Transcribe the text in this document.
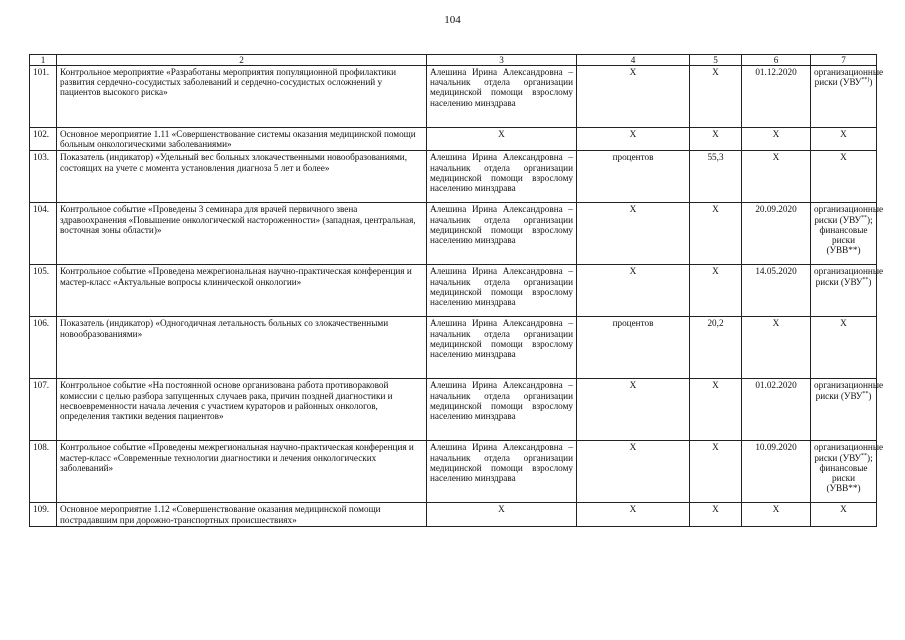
104
1	2	3	4	5	6	7
101.	Контрольное мероприятие «Разработаны мероприятия популяционной профилактики развития сердечно-сосудистых заболеваний и сердечно-сосудистых осложнений у пациентов высокого риска»	Алешина Ирина Александровна – начальник отдела организации медицинской помощи взрослому населению минздрава	Х	Х	01.12.2020	организационные риски (УВУ**))
102.	Основное мероприятие 1.11 «Совершенствование системы оказания медицинской помощи больным онкологическими заболеваниями»	Х	Х	Х	Х	Х
103.	Показатель (индикатор) «Удельный вес больных злокачественными новообразованиями, состоящих на учете с момента установления диагноза 5 лет и более»	Алешина Ирина Александровна – начальник отдела организации медицинской помощи взрослому населению минздрава	процентов	55,3	Х	Х
104.	Контрольное событие «Проведены 3 семинара для врачей первичного звена здравоохранения «Повышение онкологической настороженности» (западная, центральная, восточная зоны области)»	Алешина Ирина Александровна – начальник отдела организации медицинской помощи взрослому населению минздрава	Х	Х	20.09.2020	организационные риски (УВУ**); финансовые риски (УВВ**)
105.	Контрольное событие «Проведена межрегиональная научно-практическая конференция и мастер-класс «Актуальные вопросы клинической онкологии»	Алешина Ирина Александровна – начальник отдела организации медицинской помощи взрослому населению минздрава	Х	Х	14.05.2020	организационные риски (УВУ**)
106.	Показатель (индикатор) «Одногодичная летальность больных со злокачественными новообразованиями»	Алешина Ирина Александровна – начальник отдела организации медицинской помощи взрослому населению минздрава	процентов	20,2	Х	Х
107.	Контрольное событие «На постоянной основе организована работа противораковой комиссии с целью разбора запущенных случаев рака, причин поздней диагностики и несвоевременности начала лечения с участием кураторов и районных онкологов, определения тактики ведения пациентов»	Алешина Ирина Александровна – начальник отдела организации медицинской помощи взрослому населению минздрава	Х	Х	01.02.2020	организационные риски (УВУ**)
108.	Контрольное событие «Проведены межрегиональная научно-практическая конференция и мастер-класс «Современные технологии диагностики и лечения онкологических заболеваний»	Алешина Ирина Александровна – начальник отдела организации медицинской помощи взрослому населению минздрава	Х	Х	10.09.2020	организационные риски (УВУ**); финансовые риски (УВВ**)
109.	Основное мероприятие 1.12 «Совершенствование оказания медицинской помощи пострадавшим при дорожно-транспортных происшествиях»	Х	Х	Х	Х	Х
